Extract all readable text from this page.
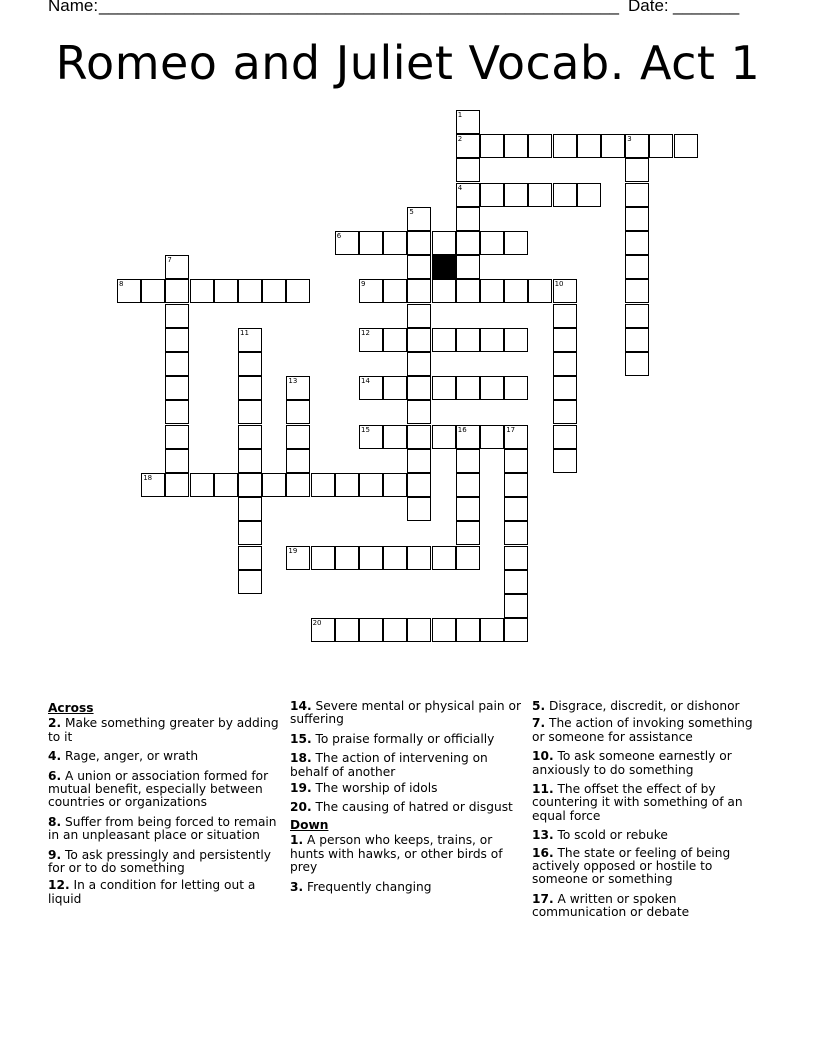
Name: _______________________________________________________ Date: _______
Romeo and Juliet Vocab. Act 1
1
2
4
3
5
6
7
8	9	10
11	12
13	14
15	16	17
18
19
20
Across
2. Make something greater by adding to it
4. Rage, anger, or wrath
6. A union or association formed for mutual benefit, especially between countries or organizations
8. Suffer from being forced to remain in an unpleasant place or situation
9. To ask pressingly and persistently for or to do something
12. In a condition for letting out a liquid
14. Severe mental or physical pain or suffering
15. To praise formally or officially
18. The action of intervening on behalf of another
19. The worship of idols
20. The causing of hatred or disgust
Down
1. A person who keeps, trains, or hunts with hawks, or other birds of prey
3. Frequently changing
5. Disgrace, discredit, or dishonor
7. The action of invoking something or someone for assistance
10. To ask someone earnestly or anxiously to do something
11. The offset the effect of by countering it with something of an equal force
13. To scold or rebuke
16. The state or feeling of being actively opposed or hostile to someone or something
17. A written or spoken communication or debate
